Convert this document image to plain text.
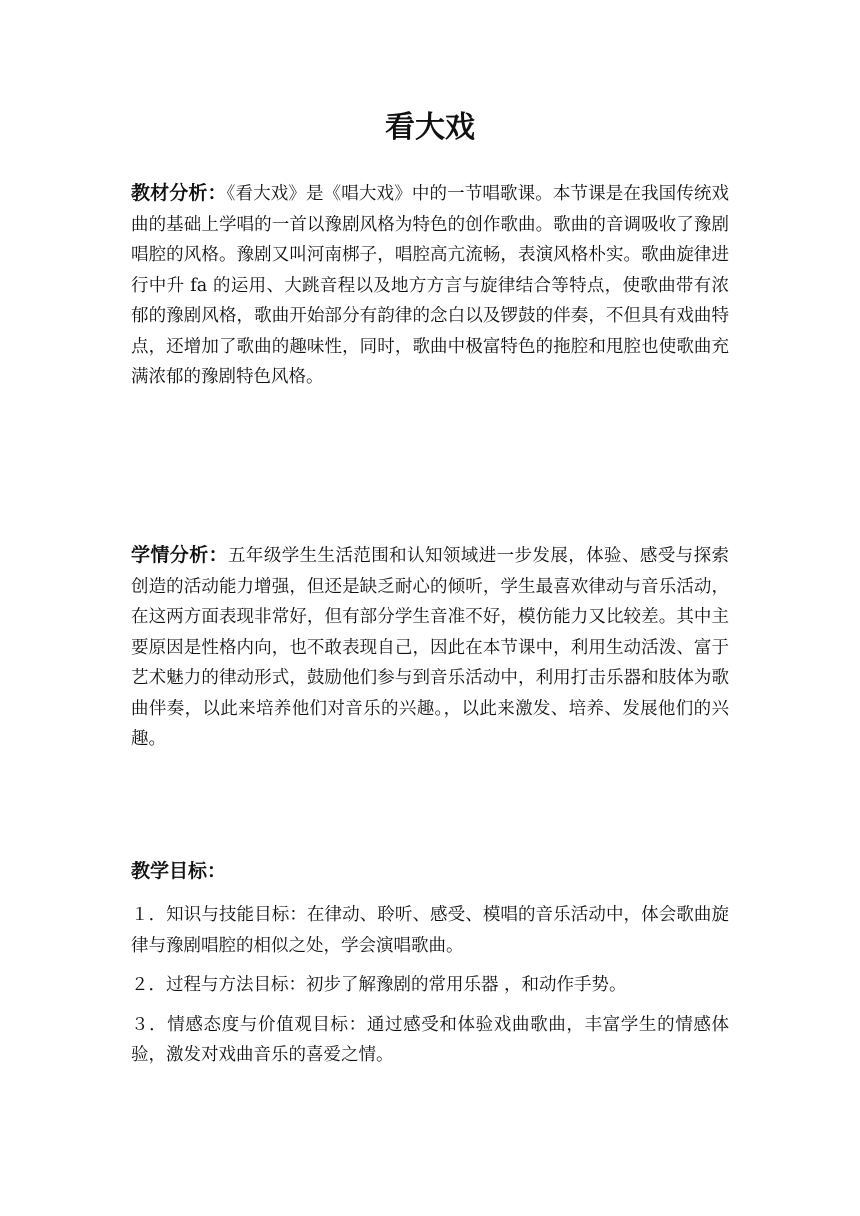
看大戏

教材分析：《看大戏》是《唱大戏》中的一节唱歌课。本节课是在我国传统戏曲的基础上学唱的一首以豫剧风格为特色的创作歌曲。歌曲的音调吸收了豫剧唱腔的风格。豫剧又叫河南梆子，唱腔高亢流畅，表演风格朴实。歌曲旋律进行中升 fa 的运用、大跳音程以及地方方言与旋律结合等特点，使歌曲带有浓郁的豫剧风格，歌曲开始部分有韵律的念白以及锣鼓的伴奏，不但具有戏曲特点，还增加了歌曲的趣味性，同时，歌曲中极富特色的拖腔和甩腔也使歌曲充满浓郁的豫剧特色风格。

学情分析：五年级学生生活范围和认知领域进一步发展，体验、感受与探索创造的活动能力增强，但还是缺乏耐心的倾听，学生最喜欢律动与音乐活动，在这两方面表现非常好，但有部分学生音准不好，模仿能力又比较差。其中主要原因是性格内向，也不敢表现自己，因此在本节课中，利用生动活泼、富于艺术魅力的律动形式，鼓励他们参与到音乐活动中，利用打击乐器和肢体为歌曲伴奏，以此来培养他们对音乐的兴趣。，以此来激发、培养、发展他们的兴趣。

教学目标：
１．知识与技能目标：在律动、聆听、感受、模唱的音乐活动中，体会歌曲旋律与豫剧唱腔的相似之处，学会演唱歌曲。
２．过程与方法目标：初步了解豫剧的常用乐器 ，和动作手势。
３．情感态度与价值观目标：通过感受和体验戏曲歌曲，丰富学生的情感体验，激发对戏曲音乐的喜爱之情。
